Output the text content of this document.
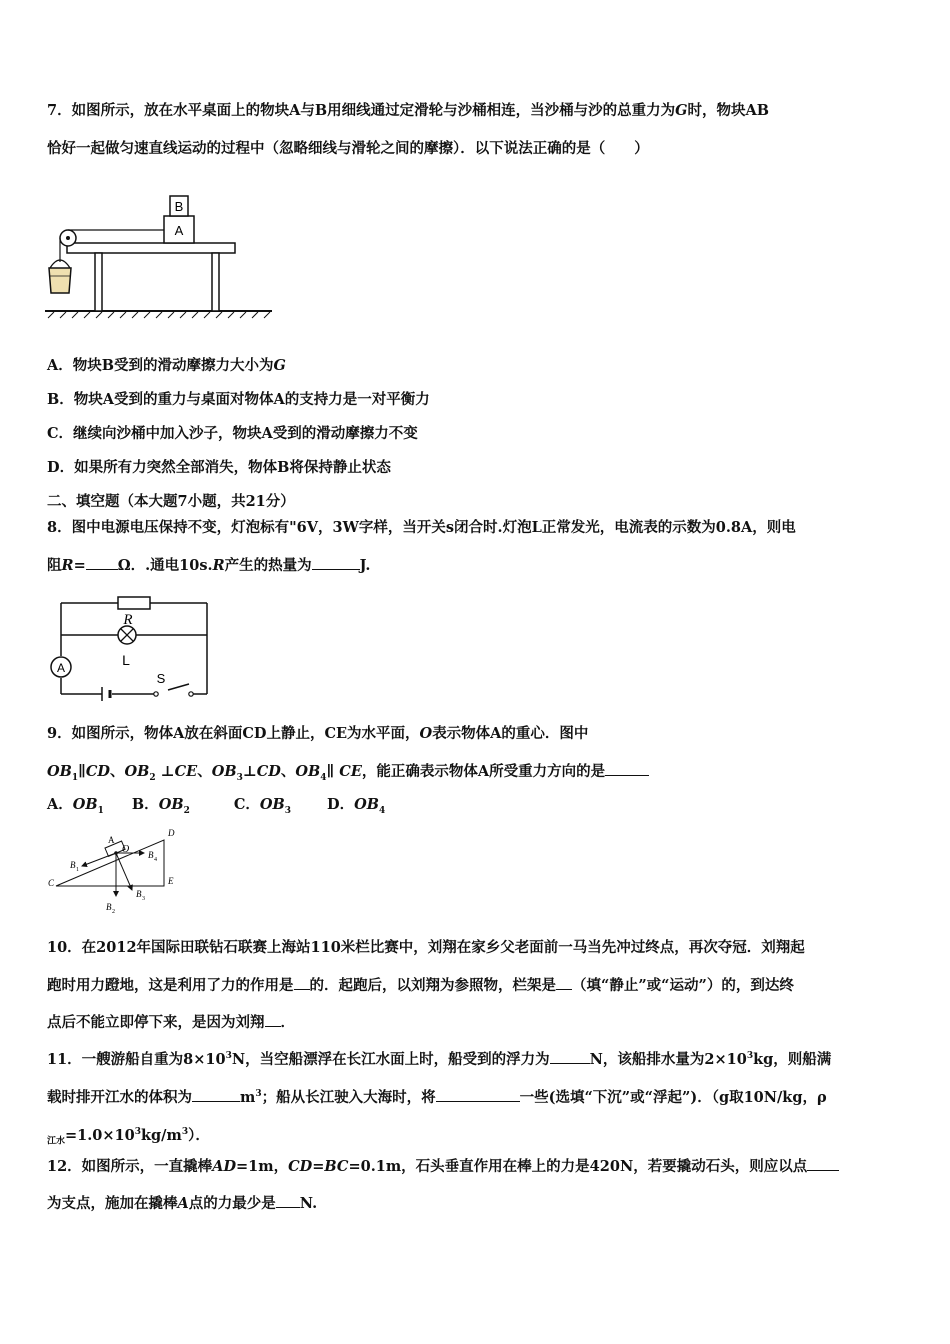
7．如图所示，放在水平桌面上的物块A与B用细线通过定滑轮与沙桶相连，当沙桶与沙的总重力为G时，物块AB
恰好一起做匀速直线运动的过程中（忽略细线与滑轮之间的摩擦）．以下说法正确的是（　　）
B
A
A．物块B受到的滑动摩擦力大小为G
B．物块A受到的重力与桌面对物体A的支持力是一对平衡力
C．继续向沙桶中加入沙子，物块A受到的滑动摩擦力不变
D．如果所有力突然全部消失，物体B将保持静止状态
二、填空题（本大题7小题，共21分）
8．图中电源电压保持不变，灯泡标有"6V，3W字样，当开关s闭合时.灯泡L正常发光，电流表的示数为0.8A，则电
阻R= Ω．.通电10s.R产生的热量为	J.
A
R
L
S
9．如图所示，物体A放在斜面CD上静止，CE为水平面，O表示物体A的重心．图中
$OB_1\parallel CD$、$OB_2$ ⊥CE、$OB_3\perp CD$、$OB_4\parallel$ CE，能正确表示物体A所受重力方向的是
A．$OB_1$ B．$OB_2$	C．$OB_3$ D．$OB_4$
A
O
D
C	E
B 1
B 2
B 3
B 4
10．在2012年国际田联钻石联赛上海站110米栏比赛中，刘翔在家乡父老面前一马当先冲过终点，再次夺冠．刘翔起
跑时用力蹬地，这是利用了力的作用是 的．起跑后，以刘翔为参照物，栏架是 （填“静止”或“运动”）的，到达终
点后不能立即停下来，是因为刘翔 ．
11．一艘游船自重为$8\times 10^3N$，当空船漂浮在长江水面上时，船受到的浮力为	N，该船排水量为$2\times 10^3kg$，则船满
载时排开江水的体积为	$m^3$；船从长江驶入大海时，将	一些(选填“下沉”或“浮起”)．（g取10N/kg，ρ
$_{江水}=1.0\times 10^3kg/m^3$）．
12．如图所示，一直撬棒AD=1m，CD=BC=0.1m，石头垂直作用在棒上的力是420N，若要撬动石头，则应以点
为支点，施加在撬棒A点的力最少是 N.
